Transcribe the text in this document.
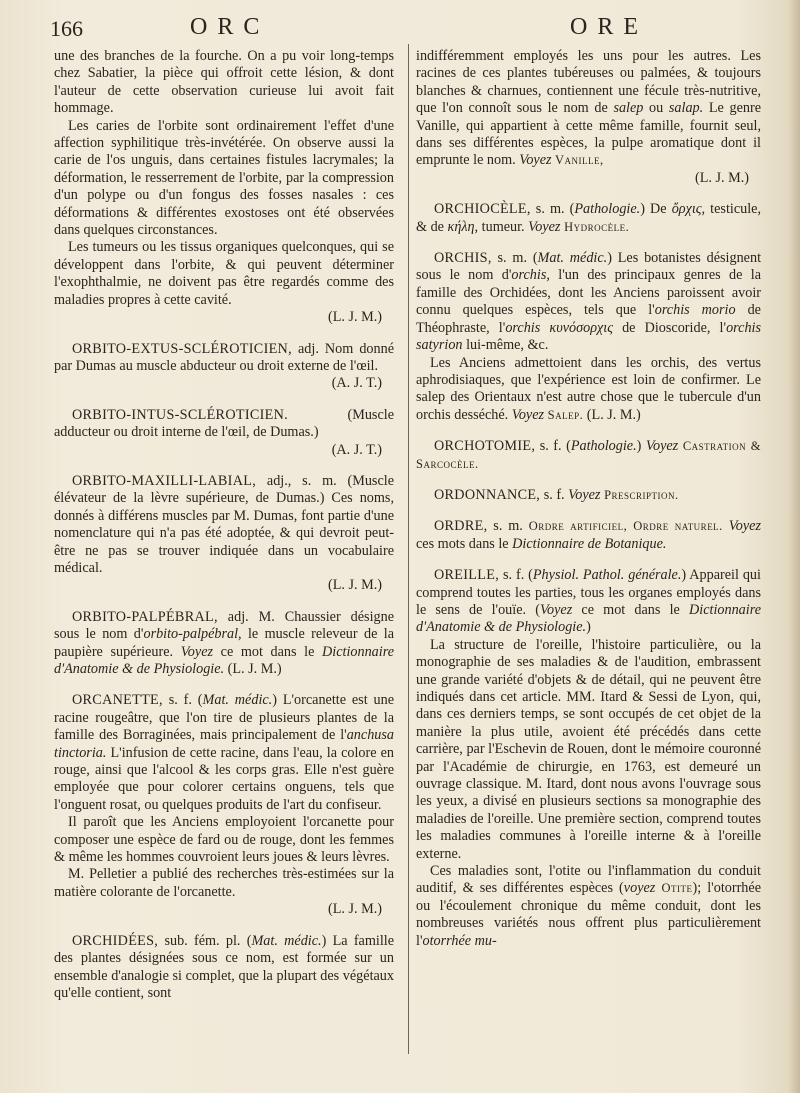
166	ORC	ORE

une des branches de la fourche. On a pu voir long-temps chez Sabatier, la pièce qui offroit cette lésion, & dont l'auteur de cette observation curieuse lui avoit fait hommage.

Les caries de l'orbite sont ordinairement l'effet d'une affection syphilitique très-invétérée. On observe aussi la carie de l'os unguis, dans certaines fistules lacrymales; la déformation, le resserrement de l'orbite, par la compression d'un polype ou d'un fongus des fosses nasales : ces déformations & différentes exostoses ont été observées dans quelques circonstances.

Les tumeurs ou les tissus organiques quelconques, qui se développent dans l'orbite, & qui peuvent déterminer l'exophthalmie, ne doivent pas être regardés comme des maladies propres à cette cavité.

(L. J. M.)

ORBITO-EXTUS-SCLÉROTICIEN, adj. Nom donné par Dumas au muscle abducteur ou droit externe de l'œil.

(A. J. T.)

ORBITO-INTUS-SCLÉROTICIEN.	(Muscle adducteur ou droit interne de l'œil, de Dumas.)

(A. J. T.)

ORBITO-MAXILLI-LABIAL, adj., s. m. (Muscle élévateur de la lèvre supérieure, de Dumas.) Ces noms, donnés à différens muscles par M. Dumas, font partie d'une nomenclature qui n'a pas été adoptée, & qui devroit peut-être ne pas se trouver indiquée dans un vocabulaire médical.

(L. J. M.)

ORBITO-PALPÉBRAL, adj. M. Chaussier désigne sous le nom d'orbito-palpébral, le muscle releveur de la paupière supérieure. Voyez ce mot dans le Dictionnaire d'Anatomie & de Physiologie. (L. J. M.)

ORCANETTE, s. f. (Mat. médic.) L'orcanette est une racine rougeâtre, que l'on tire de plusieurs plantes de la famille des Borraginées, mais principalement de l'anchusa tinctoria. L'infusion de cette racine, dans l'eau, la colore en rouge, ainsi que l'alcool & les corps gras. Elle n'est guère employée que pour colorer certains onguens, tels que l'onguent rosat, ou quelques produits de l'art du confiseur.

Il paroît que les Anciens employoient l'orcanette pour composer une espèce de fard ou de rouge, dont les femmes & même les hommes couvroient leurs joues & leurs lèvres.

M. Pelletier a publié des recherches très-estimées sur la matière colorante de l'orcanette.

(L. J. M.)

ORCHIDÉES, sub. fém. pl. (Mat. médic.) La famille des plantes désignées sous ce nom, est formée sur un ensemble d'analogie si complet, que la plupart des végétaux qu'elle contient, sont

indifféremment employés les uns pour les autres. Les racines de ces plantes tubéreuses ou palmées, & toujours blanches & charnues, contiennent une fécule très-nutritive, que l'on connoît sous le nom de salep ou salap. Le genre Vanille, qui appartient à cette même famille, fournit seul, dans ses différentes espèces, la pulpe aromatique dont il emprunte le nom. Voyez Vanille,

(L. J. M.)

ORCHIOCÈLE, s. m. (Pathologie.) De ὄρχις, testicule, & de κήλη, tumeur. Voyez Hydrocèle.

ORCHIS, s. m. (Mat. médic.) Les botanistes désignent sous le nom d'orchis, l'un des principaux genres de la famille des Orchidées, dont les Anciens paroissent avoir connu quelques espèces, tels que l'orchis morio de Théophraste, l'orchis κυνόσορχις de Dioscoride, l'orchis satyrion lui-même, &c.

Les Anciens admettoient dans les orchis, des vertus aphrodisiaques, que l'expérience est loin de confirmer. Le salep des Orientaux n'est autre chose que le tubercule d'un orchis desséché. Voyez Salep. (L. J. M.)

ORCHOTOMIE, s. f. (Pathologie.) Voyez Castration & Sarcocèle.

ORDONNANCE, s. f. Voyez Prescription.

ORDRE, s. m. Ordre artificiel, Ordre naturel. Voyez ces mots dans le Dictionnaire de Botanique.

OREILLE, s. f. (Physiol. Pathol. générale.) Appareil qui comprend toutes les parties, tous les organes employés dans le sens de l'ouïe. (Voyez ce mot dans le Dictionnaire d'Anatomie & de Physiologie.)

La structure de l'oreille, l'histoire particulière, ou la monographie de ses maladies & de l'audition, embrassent une grande variété d'objets & de détail, qui ne peuvent être indiqués dans cet article. MM. Itard & Sessi de Lyon, qui, dans ces derniers temps, se sont occupés de cet objet de la manière la plus utile, avoient été précédés dans cette carrière, par l'Eschevin de Rouen, dont le mémoire couronné par l'Académie de chirurgie, en 1763, est demeuré un ouvrage classique. M. Itard, dont nous avons l'ouvrage sous les yeux, a divisé en plusieurs sections sa monographie des maladies de l'oreille. Une première section, comprend toutes les maladies communes à l'oreille interne & à l'oreille externe.

Ces maladies sont, l'otite ou l'inflammation du conduit auditif, & ses différentes espèces (voyez Otite); l'otorrhée ou l'écoulement chronique du même conduit, dont les nombreuses variétés nous offrent plus particulièrement l'otorrhée mu-
